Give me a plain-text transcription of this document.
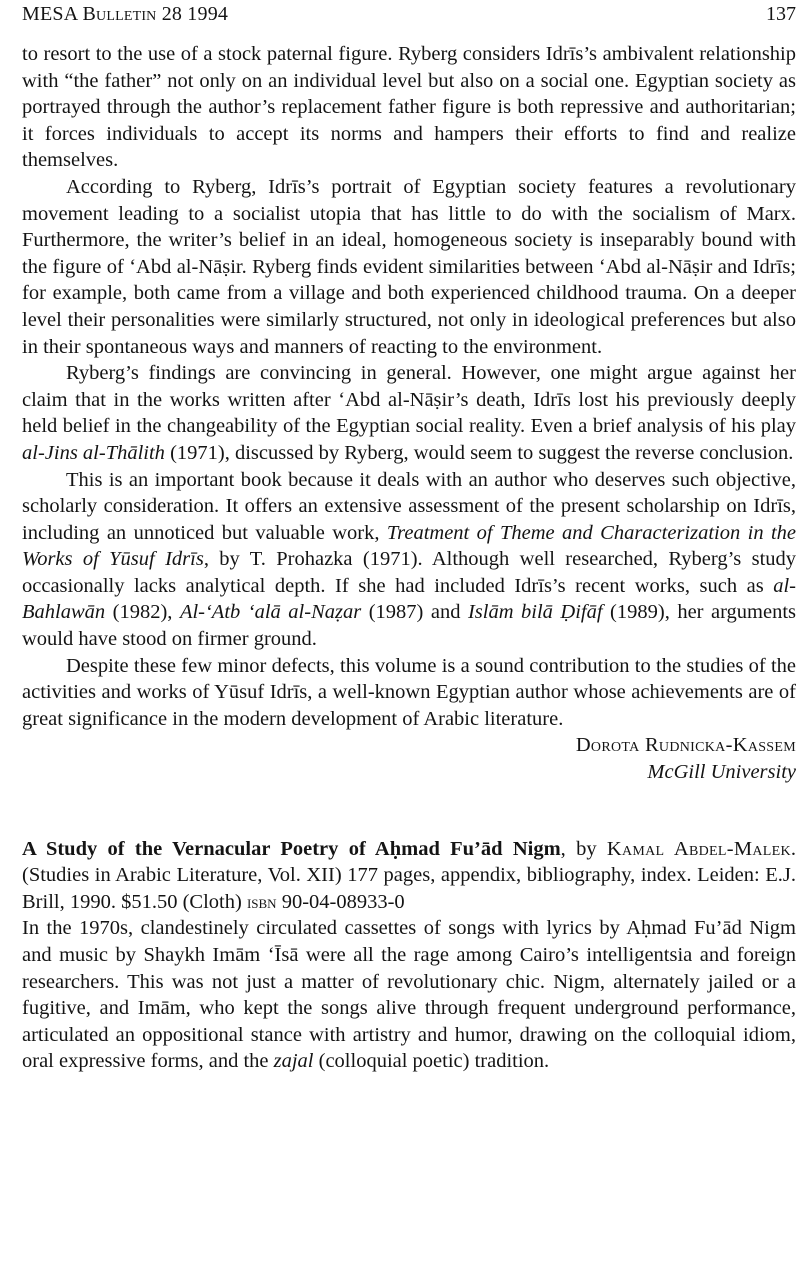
MESA Bulletin 28 1994	137

to resort to the use of a stock paternal figure. Ryberg considers Idrīs’s ambivalent relationship with “the father” not only on an individual level but also on a social one. Egyptian society as portrayed through the author’s replacement father figure is both repressive and authoritarian; it forces individuals to accept its norms and hampers their efforts to find and realize themselves.

According to Ryberg, Idrīs’s portrait of Egyptian society features a revolutionary movement leading to a socialist utopia that has little to do with the socialism of Marx. Furthermore, the writer’s belief in an ideal, homogeneous society is inseparably bound with the figure of ‘Abd al-Nāṣir. Ryberg finds evident similarities between ‘Abd al-Nāṣir and Idrīs; for example, both came from a village and both experienced childhood trauma. On a deeper level their personalities were similarly structured, not only in ideological preferences but also in their spontaneous ways and manners of reacting to the environment.

Ryberg’s findings are convincing in general. However, one might argue against her claim that in the works written after ‘Abd al-Nāṣir’s death, Idrīs lost his previously deeply held belief in the changeability of the Egyptian social reality. Even a brief analysis of his play al-Jins al-Thālith (1971), discussed by Ryberg, would seem to suggest the reverse conclusion.

This is an important book because it deals with an author who deserves such objective, scholarly consideration. It offers an extensive assessment of the present scholarship on Idrīs, including an unnoticed but valuable work, Treatment of Theme and Characterization in the Works of Yūsuf Idrīs, by T. Prohazka (1971). Although well researched, Ryberg’s study occasionally lacks analytical depth. If she had included Idrīs’s recent works, such as al-Bahlawān (1982), Al-‘Atb ‘alā al-Naẓar (1987) and Islām bilā Ḍifāf (1989), her arguments would have stood on firmer ground.

Despite these few minor defects, this volume is a sound contribution to the studies of the activities and works of Yūsuf Idrīs, a well-known Egyptian author whose achievements are of great significance in the modern development of Arabic literature.

Dorota Rudnicka-Kassem
McGill University
A Study of the Vernacular Poetry of Aḥmad Fu’ād Nigm, by Kamal Abdel-Malek. (Studies in Arabic Literature, Vol. XII) 177 pages, appendix, bibliography, index. Leiden: E.J. Brill, 1990. $51.50 (Cloth) isbn 90-04-08933-0

In the 1970s, clandestinely circulated cassettes of songs with lyrics by Aḥmad Fu’ād Nigm and music by Shaykh Imām ‘Īsā were all the rage among Cairo’s intelligentsia and foreign researchers. This was not just a matter of revolutionary chic. Nigm, alternately jailed or a fugitive, and Imām, who kept the songs alive through frequent underground performance, articulated an oppositional stance with artistry and humor, drawing on the colloquial idiom, oral expressive forms, and the zajal (colloquial poetic) tradition.
